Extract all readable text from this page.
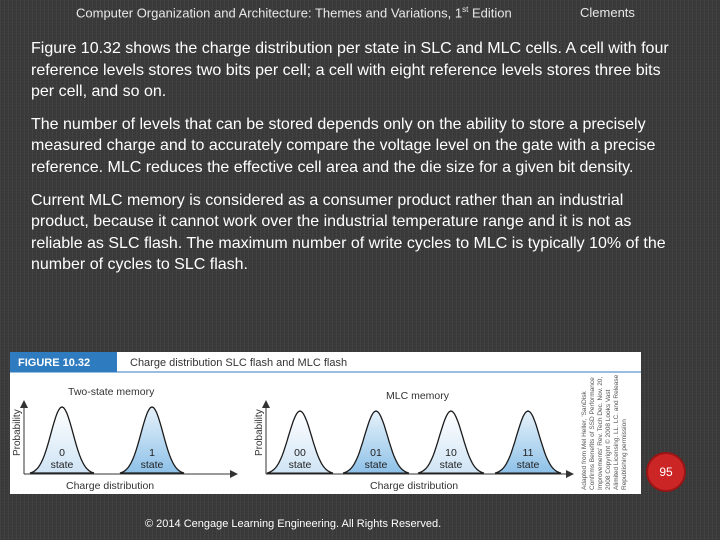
Computer Organization and Architecture: Themes and Variations, 1st Edition	Clements

Figure 10.32 shows the charge distribution per state in SLC and MLC cells. A cell with four reference levels stores two bits per cell; a cell with eight reference levels stores three bits per cell, and so on.

The number of levels that can be stored depends only on the ability to store a precisely measured charge and to accurately compare the voltage level on the gate with a precise reference. MLC reduces the effective cell area and the die size for a given bit density.

Current MLC memory is considered as a consumer product rather than an industrial product, because it cannot work over the industrial temperature range and it is not as reliable as SLC flash. The maximum number of write cycles to MLC is typically 10% of the number of cycles to SLC flash.

FIGURE 10.32	Charge distribution SLC flash and MLC flash
Two-state memory
Probability
Charge distribution
0
state
1
state
MLC memory
Probability
Charge distribution
00
state
01
state
10
state
11
state	Adapted from Mel Heller, 'SanDisk Confirms Benefits of SSD Performance Improvements' Rev. Tech Dec. Nov. 20, 2008 Copyright © 2008 Looks Vast Alimited Licensing. LL. LC. and Release Republishing permission	95
© 2014 Cengage Learning Engineering. All Rights Reserved.
